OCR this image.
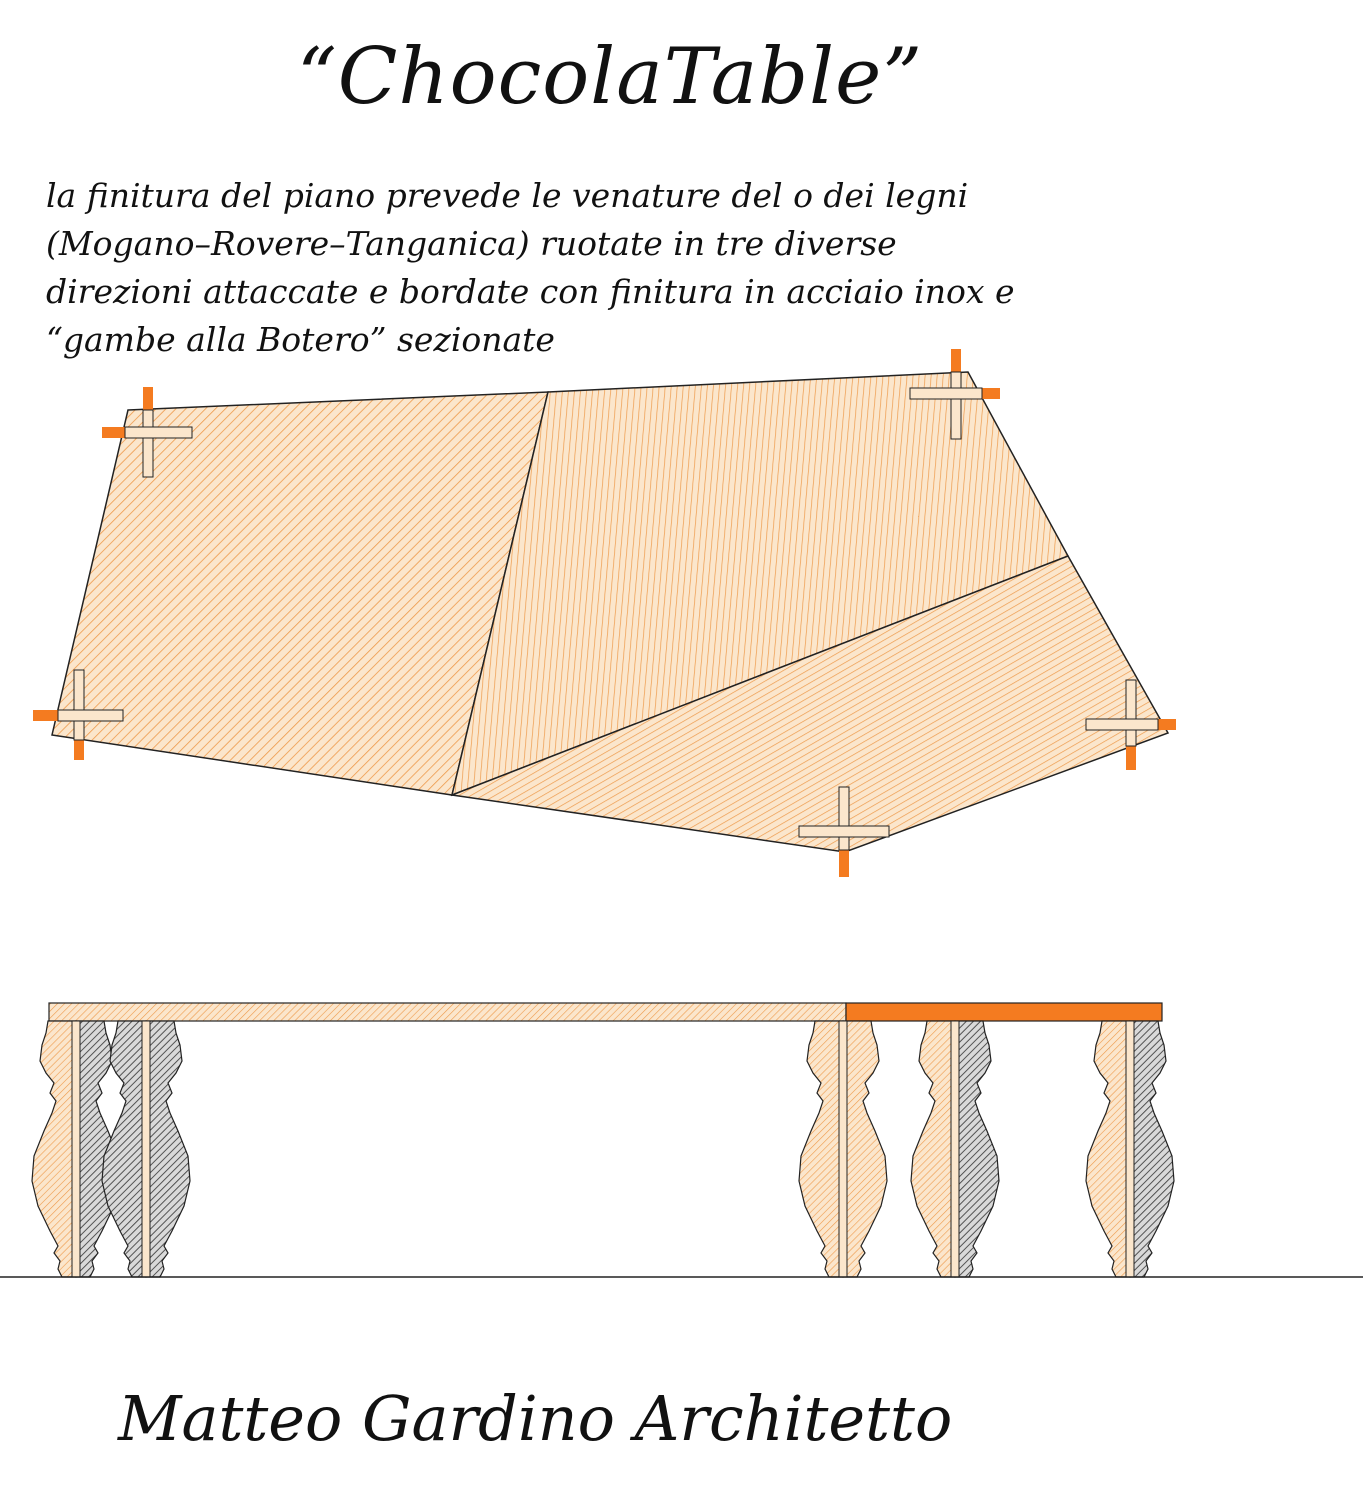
“ChocolaTable”
la finitura del piano prevede le venature del o dei legni
(Mogano–Rovere–Tanganica) ruotate in tre diverse
direzioni attaccate e bordate con finitura in acciaio inox e
“gambe alla Botero” sezionate
Matteo Gardino Architetto
